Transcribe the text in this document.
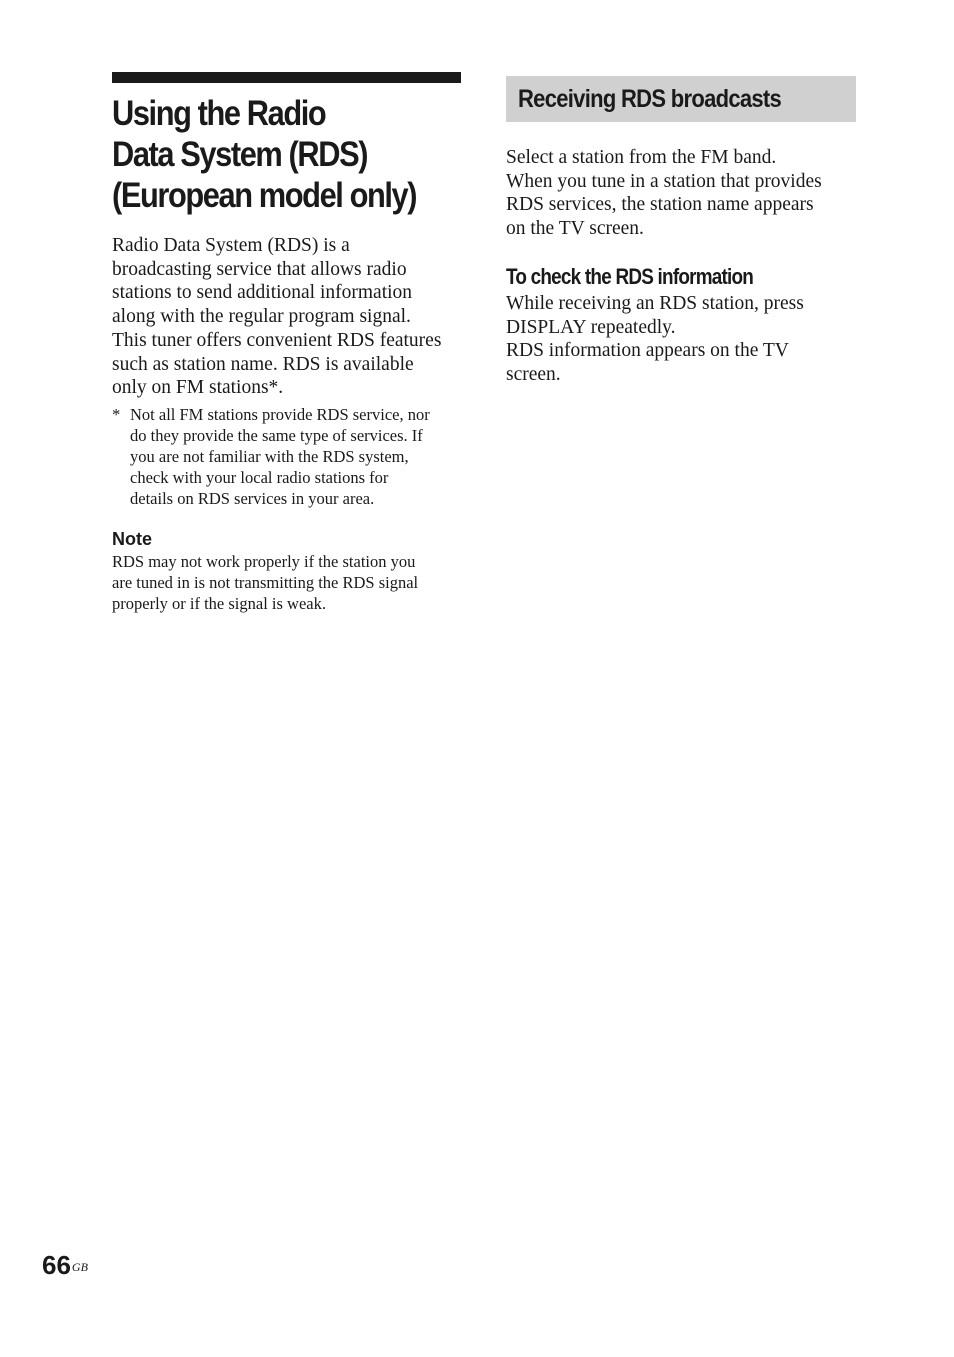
Using the Radio
Data System (RDS)
(European model only)

Radio Data System (RDS) is a
broadcasting service that allows radio
stations to send additional information
along with the regular program signal.
This tuner offers convenient RDS features
such as station name. RDS is available
only on FM stations*.

* Not all FM stations provide RDS service, nor
do they provide the same type of services. If
you are not familiar with the RDS system,
check with your local radio stations for
details on RDS services in your area.
Note
RDS may not work properly if the station you
are tuned in is not transmitting the RDS signal
properly or if the signal is weak.
Receiving RDS broadcasts

Select a station from the FM band.
When you tune in a station that provides
RDS services, the station name appears
on the TV screen.

To check the RDS information

While receiving an RDS station, press
DISPLAY repeatedly.
RDS information appears on the TV
screen.

$66^{GB}$
